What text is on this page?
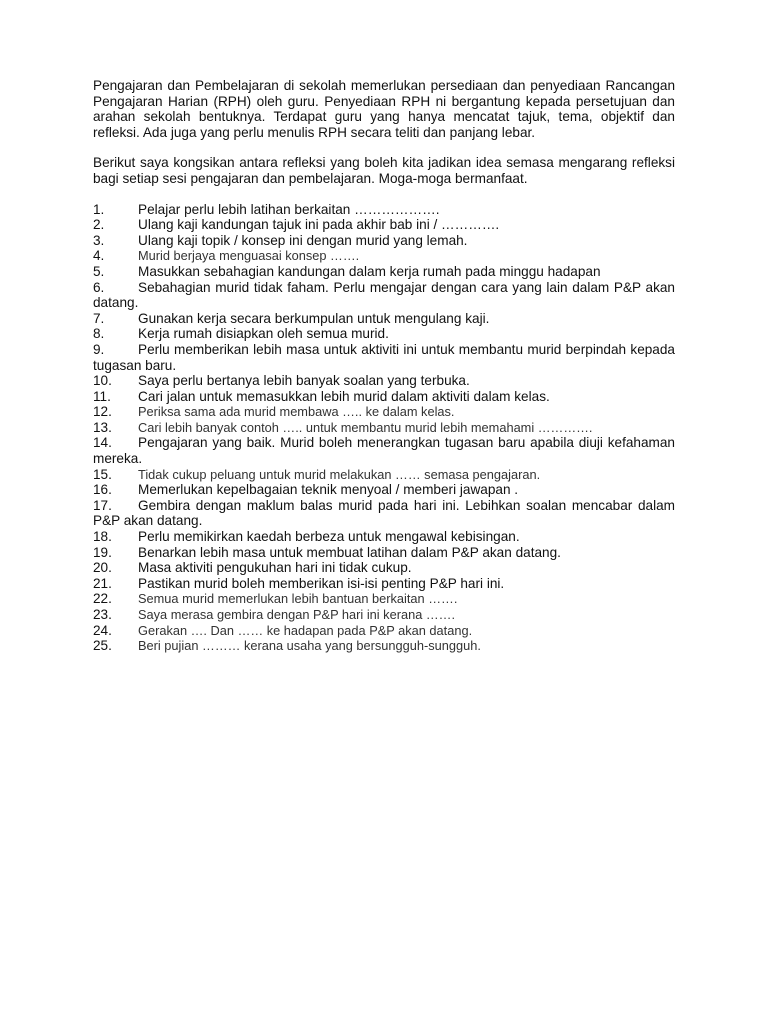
Pengajaran dan Pembelajaran di sekolah memerlukan persediaan dan penyediaan Rancangan Pengajaran Harian (RPH) oleh guru. Penyediaan RPH ni bergantung kepada persetujuan dan arahan sekolah bentuknya. Terdapat guru yang hanya mencatat tajuk, tema, objektif dan refleksi. Ada juga yang perlu menulis RPH secara teliti dan panjang lebar.

Berikut saya kongsikan antara refleksi yang boleh kita jadikan idea semasa mengarang refleksi bagi setiap sesi pengajaran dan pembelajaran. Moga-moga bermanfaat.

1. Pelajar perlu lebih latihan berkaitan ……………….
2. Ulang kaji kandungan tajuk ini pada akhir bab ini / ………….
3. Ulang kaji topik / konsep ini dengan murid yang lemah.
4.	Murid berjaya menguasai konsep …….
5. Masukkan sebahagian kandungan dalam kerja rumah pada minggu hadapan
6. Sebahagian murid tidak faham. Perlu mengajar dengan cara yang lain dalam P&P akan datang.
7. Gunakan kerja secara berkumpulan untuk mengulang kaji.
8. Kerja rumah disiapkan oleh semua murid.
9. Perlu memberikan lebih masa untuk aktiviti ini untuk membantu murid berpindah kepada tugasan baru.
10. Saya perlu bertanya lebih banyak soalan yang terbuka.
11. Cari jalan untuk memasukkan lebih murid dalam aktiviti dalam kelas.
12. Periksa sama ada murid membawa ….. ke dalam kelas.
13. Cari lebih banyak contoh ….. untuk membantu murid lebih memahami ………….
14. Pengajaran yang baik. Murid boleh menerangkan tugasan baru apabila diuji kefahaman mereka.
15. Tidak cukup peluang untuk murid melakukan …… semasa pengajaran.
16. Memerlukan kepelbagaian teknik menyoal / memberi jawapan .
17. Gembira dengan maklum balas murid pada hari ini. Lebihkan soalan mencabar dalam P&P akan datang.
18. Perlu memikirkan kaedah berbeza untuk mengawal kebisingan.
19. Benarkan lebih masa untuk membuat latihan dalam P&P akan datang.
20. Masa aktiviti pengukuhan hari ini tidak cukup.
21. Pastikan murid boleh memberikan isi-isi penting P&P hari ini.
22. Semua murid memerlukan lebih bantuan berkaitan …….
23. Saya merasa gembira dengan P&P hari ini kerana …….
24. Gerakan …. Dan …… ke hadapan pada P&P akan datang.
25. Beri pujian ……… kerana usaha yang bersungguh-sungguh.
